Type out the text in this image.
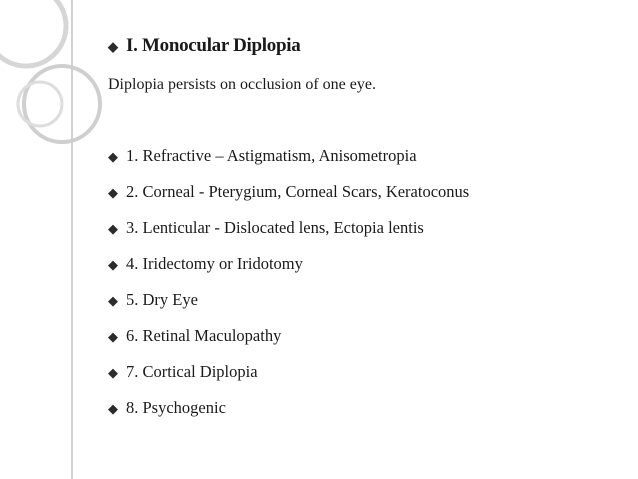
◆ I. Monocular Diplopia
Diplopia persists on occlusion of one eye.
◆ 1. Refractive – Astigmatism, Anisometropia
◆ 2. Corneal - Pterygium, Corneal Scars, Keratoconus
◆ 3. Lenticular - Dislocated lens, Ectopia lentis
◆ 4. Iridectomy or Iridotomy
◆ 5. Dry Eye
◆ 6. Retinal Maculopathy
◆ 7. Cortical Diplopia
◆ 8. Psychogenic
